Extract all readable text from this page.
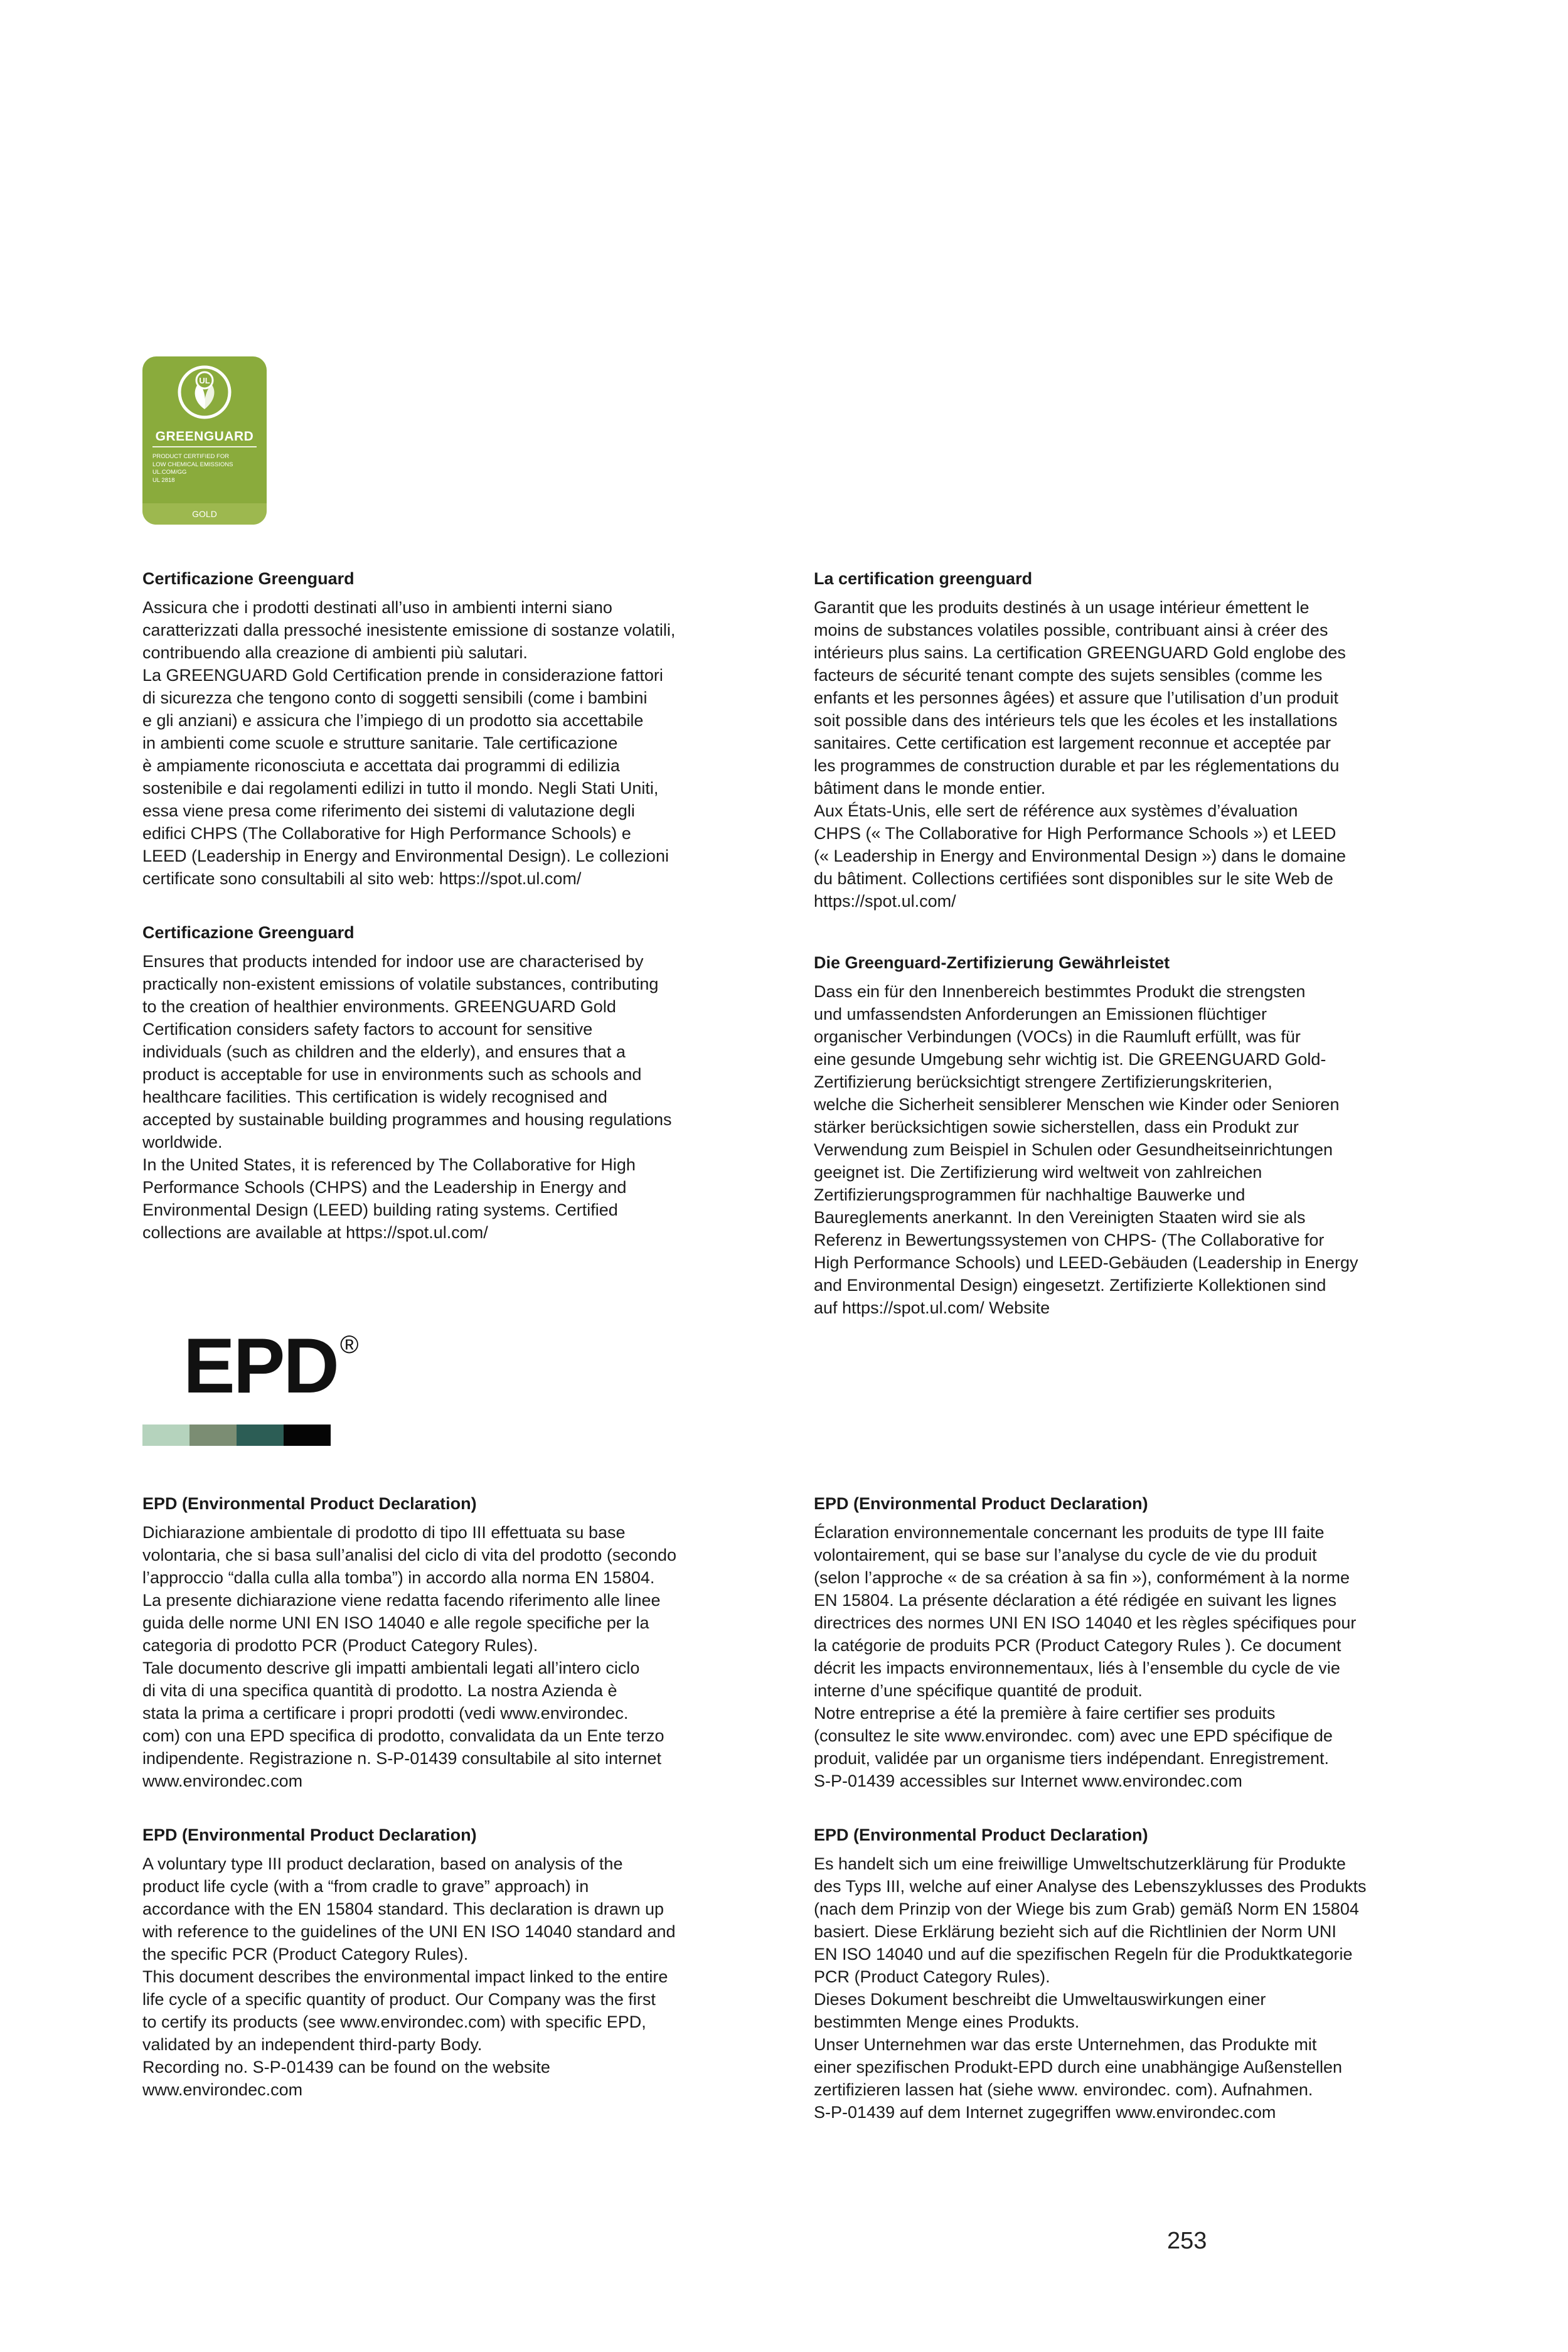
UL
GREENGUARD
PRODUCT CERTIFIED FOR
LOW CHEMICAL EMISSIONS
UL.COM/GG
UL 2818
GOLD
Certificazione Greenguard

Assicura che i prodotti destinati all’uso in ambienti interni siano
caratterizzati dalla pressoché inesistente emissione di sostanze volatili,
contribuendo alla creazione di ambienti più salutari.
La GREENGUARD Gold Certification prende in considerazione fattori
di sicurezza che tengono conto di soggetti sensibili (come i bambini
e gli anziani) e assicura che l’impiego di un prodotto sia accettabile
in ambienti come scuole e strutture sanitarie. Tale certificazione
è ampiamente riconosciuta e accettata dai programmi di edilizia
sostenibile e dai regolamenti edilizi in tutto il mondo. Negli Stati Uniti,
essa viene presa come riferimento dei sistemi di valutazione degli
edifici CHPS (The Collaborative for High Performance Schools) e
LEED (Leadership in Energy and Environmental Design). Le collezioni
certificate sono consultabili al sito web: https://spot.ul.com/

Certificazione Greenguard

Ensures that products intended for indoor use are characterised by
practically non-existent emissions of volatile substances, contributing
to the creation of healthier environments. GREENGUARD Gold
Certification considers safety factors to account for sensitive
individuals (such as children and the elderly), and ensures that a
product is acceptable for use in environments such as schools and
healthcare facilities. This certification is widely recognised and
accepted by sustainable building programmes and housing regulations
worldwide.
In the United States, it is referenced by The Collaborative for High
Performance Schools (CHPS) and the Leadership in Energy and
Environmental Design (LEED) building rating systems. Certified
collections are available at https://spot.ul.com/

La certification greenguard

Garantit que les produits destinés à un usage intérieur émettent le
moins de substances volatiles possible, contribuant ainsi à créer des
intérieurs plus sains. La certification GREENGUARD Gold englobe des
facteurs de sécurité tenant compte des sujets sensibles (comme les
enfants et les personnes âgées) et assure que l’utilisation d’un produit
soit possible dans des intérieurs tels que les écoles et les installations
sanitaires. Cette certification est largement reconnue et acceptée par
les programmes de construction durable et par les réglementations du
bâtiment dans le monde entier.
Aux États-Unis, elle sert de référence aux systèmes d’évaluation
CHPS (« The Collaborative for High Performance Schools ») et LEED
(« Leadership in Energy and Environmental Design ») dans le domaine
du bâtiment. Collections certifiées sont disponibles sur le site Web de
https://spot.ul.com/

Die Greenguard-Zertifizierung Gewährleistet

Dass ein für den Innenbereich bestimmtes Produkt die strengsten
und umfassendsten Anforderungen an Emissionen flüchtiger
organischer Verbindungen (VOCs) in die Raumluft erfüllt, was für
eine gesunde Umgebung sehr wichtig ist. Die GREENGUARD Gold-
Zertifizierung berücksichtigt strengere Zertifizierungskriterien,
welche die Sicherheit sensiblerer Menschen wie Kinder oder Senioren
stärker berücksichtigen sowie sicherstellen, dass ein Produkt zur
Verwendung zum Beispiel in Schulen oder Gesundheitseinrichtungen
geeignet ist. Die Zertifizierung wird weltweit von zahlreichen
Zertifizierungsprogrammen für nachhaltige Bauwerke und
Baureglements anerkannt. In den Vereinigten Staaten wird sie als
Referenz in Bewertungssystemen von CHPS- (The Collaborative for
High Performance Schools) und LEED-Gebäuden (Leadership in Energy
and Environmental Design) eingesetzt. Zertifizierte Kollektionen sind
auf https://spot.ul.com/ Website

EPD ®
EPD (Environmental Product Declaration)

Dichiarazione ambientale di prodotto di tipo III effettuata su base
volontaria, che si basa sull’analisi del ciclo di vita del prodotto (secondo
l’approccio “dalla culla alla tomba”) in accordo alla norma EN 15804.
La presente dichiarazione viene redatta facendo riferimento alle linee
guida delle norme UNI EN ISO 14040 e alle regole specifiche per la
categoria di prodotto PCR (Product Category Rules).
Tale documento descrive gli impatti ambientali legati all’intero ciclo
di vita di una specifica quantità di prodotto. La nostra Azienda è
stata la prima a certificare i propri prodotti (vedi www.environdec.
com) con una EPD specifica di prodotto, convalidata da un Ente terzo
indipendente. Registrazione n. S-P-01439 consultabile al sito internet
www.environdec.com

EPD (Environmental Product Declaration)

A voluntary type III product declaration, based on analysis of the
product life cycle (with a “from cradle to grave” approach) in
accordance with the EN 15804 standard. This declaration is drawn up
with reference to the guidelines of the UNI EN ISO 14040 standard and
the specific PCR (Product Category Rules).
This document describes the environmental impact linked to the entire
life cycle of a specific quantity of product. Our Company was the first
to certify its products (see www.environdec.com) with specific EPD,
validated by an independent third-party Body.
Recording no. S-P-01439 can be found on the website
www.environdec.com

EPD (Environmental Product Declaration)

Éclaration environnementale concernant les produits de type III faite
volontairement, qui se base sur l’analyse du cycle de vie du produit
(selon l’approche « de sa création à sa fin »), conformément à la norme
EN 15804. La présente déclaration a été rédigée en suivant les lignes
directrices des normes UNI EN ISO 14040 et les règles spécifiques pour
la catégorie de produits PCR (Product Category Rules ). Ce document
décrit les impacts environnementaux, liés à l’ensemble du cycle de vie
interne d’une spécifique quantité de produit.
Notre entreprise a été la première à faire certifier ses produits
(consultez le site www.environdec. com) avec une EPD spécifique de
produit, validée par un organisme tiers indépendant. Enregistrement.
S-P-01439 accessibles sur Internet www.environdec.com

EPD (Environmental Product Declaration)

Es handelt sich um eine freiwillige Umweltschutzerklärung für Produkte
des Typs III, welche auf einer Analyse des Lebenszyklusses des Produkts
(nach dem Prinzip von der Wiege bis zum Grab) gemäß Norm EN 15804
basiert. Diese Erklärung bezieht sich auf die Richtlinien der Norm UNI
EN ISO 14040 und auf die spezifischen Regeln für die Produktkategorie
PCR (Product Category Rules).
Dieses Dokument beschreibt die Umweltauswirkungen einer
bestimmten Menge eines Produkts.
Unser Unternehmen war das erste Unternehmen, das Produkte mit
einer spezifischen Produkt-EPD durch eine unabhängige Außenstellen
zertifizieren lassen hat (siehe www. environdec. com). Aufnahmen.
S-P-01439 auf dem Internet zugegriffen www.environdec.com

253
